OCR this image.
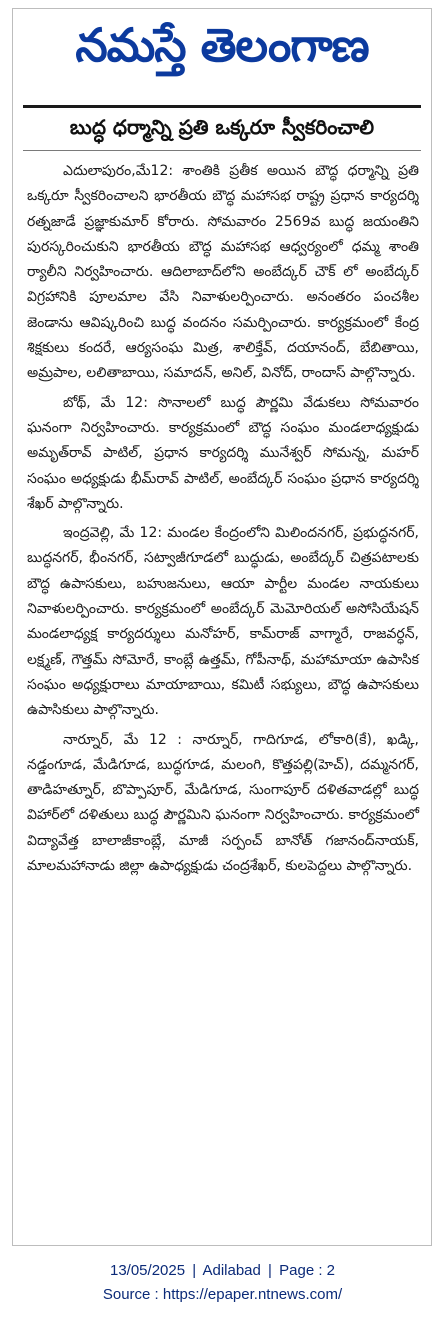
నమస్తే తెలంగాణ
బుద్ధ ధర్మాన్ని ప్రతి ఒక్కరూ స్వీకరించాలి

ఎదులాపురం,మే12: శాంతికి ప్రతీక అయిన బౌద్ధ ధర్మాన్ని ప్రతి ఒక్కరూ స్వీకరించాలని భారతీయ బౌద్ధ మహాసభ రాష్ట్ర ప్రధాన కార్యదర్శి రత్నజాడే ప్రజ్ఞాకుమార్ కోరారు. సోమవారం 2569వ బుద్ధ జయంతిని పురస్కరించుకుని భారతీయ బౌద్ధ మహాసభ ఆధ్వర్యంలో ధమ్మ శాంతి ర్యాలీని నిర్వహించారు. ఆదిలాబాద్‌లోని అంబేద్కర్ చౌక్ లో అంబేద్కర్ విగ్రహానికి పూలమాల వేసి నివాళులర్పించారు. అనంతరం పంచశీల జెండాను ఆవిష్కరించి బుద్ధ వందనం సమర్పించారు. కార్యక్రమంలో కేంద్ర శిక్షకులు కందరే, ఆర్యసంఘ మిత్ర, శాలిక్తేవ్, దయానంద్, బేబితాయి, అమ్రపాల, లలితాబాయి, సమాదన్, అనిల్, వినోద్, రాందాస్ పాల్గొన్నారు.

బోథ్, మే 12: సొనాలలో బుద్ధ పౌర్ణమి వేడుకలు సోమవారం ఘనంగా నిర్వహించారు. కార్యక్రమంలో బౌద్ధ సంఘం మండలాధ్యక్షుడు అమృత్‌రావ్ పాటిల్, ప్రధాన కార్యదర్శి మునేశ్వర్ సోమన్న, మహర్ సంఘం అధ్యక్షుడు భీమ్‌రావ్ పాటిల్, అంబేద్కర్ సంఘం ప్రధాన కార్యదర్శి శేఖర్ పాల్గొన్నారు.

ఇంద్రవెల్లి, మే 12: మండల కేంద్రంలోని మిలిందనగర్, ప్రభుద్ధనగర్, బుద్ధనగర్, భీంనగర్, సట్వాజీగూడలో బుద్ధుడు, అంబేద్కర్ చిత్రపటాలకు బౌద్ధ ఉపాసకులు, బహుజనులు, ఆయా పార్టీల మండల నాయకులు నివాళులర్పించారు. కార్యక్రమంలో అంబేద్కర్ మెమోరియల్ అసోసియేషన్ మండలాధ్యక్ష కార్యదర్శులు మనోహర్, కామ్‌రాజ్ వాగ్మారే, రాజవర్ధన్, లక్ష్మణ్, గౌత్తమ్ సోమోరే, కాంబ్లే ఉత్తమ్, గోపీనాథ్, మహామాయా ఉపాసిక సంఘం అధ్యక్షురాలు మాయాబాయి, కమిటీ సభ్యులు, బౌద్ధ ఉపాసకులు ఉపాసికులు పాల్గొన్నారు.

నార్నూర్, మే 12 : నార్నూర్, గాదిగూడ, లోకారి(కే), ఖడ్కి, నడ్డంగూడ, మేడిగూడ, బుద్ధగూడ, మలంగి, కొత్తపల్లి(హెచ్), దమ్మనగర్, తాడిహత్నూర్, బొప్పాపూర్, మేడిగూడ, సుంగాపూర్ దళితవాడల్లో బుద్ధ విహార్‌లో దళితులు బుద్ధ పౌర్ణమిని ఘనంగా నిర్వహించారు. కార్యక్రమంలో విద్యావేత్త బాలాజీకాంబ్లే, మాజీ సర్పంచ్ బానోత్ గజానంద్‌నాయక్, మాలమహానాడు జిల్లా ఉపాధ్యక్షుడు చంద్రశేఖర్, కులపెద్దలు పాల్గొన్నారు.

13/05/2025 | Adilabad | Page : 2
Source : https://epaper.ntnews.com/
